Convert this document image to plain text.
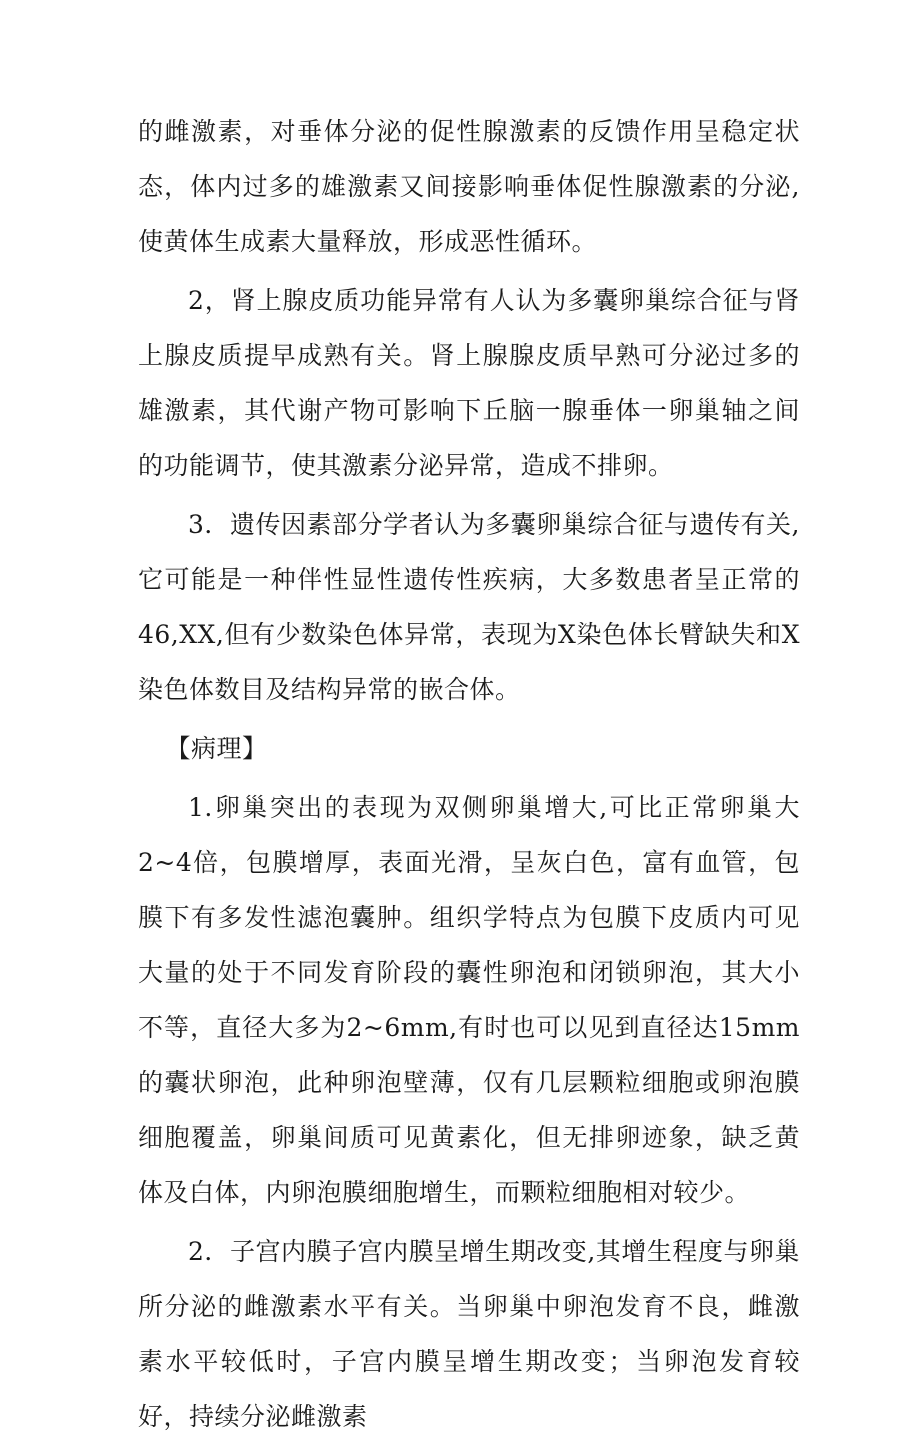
的雌激素，对垂体分泌的促性腺激素的反馈作用呈稳定状态，体内过多的雄激素又间接影响垂体促性腺激素的分泌,使黄体生成素大量释放，形成恶性循环。

2，肾上腺皮质功能异常有人认为多囊卵巢综合征与肾上腺皮质提早成熟有关。肾上腺腺皮质早熟可分泌过多的雄激素，其代谢产物可影响下丘脑一腺垂体一卵巢轴之间的功能调节，使其激素分泌异常，造成不排卵。

3．遗传因素部分学者认为多囊卵巢综合征与遗传有关,它可能是一种伴性显性遗传性疾病，大多数患者呈正常的46,XX,但有少数染色体异常，表现为X染色体长臂缺失和X染色体数目及结构异常的嵌合体。

【病理】

1.卵巢突出的表现为双侧卵巢增大,可比正常卵巢大2~4倍，包膜增厚，表面光滑，呈灰白色，富有血管，包膜下有多发性滤泡囊肿。组织学特点为包膜下皮质内可见大量的处于不同发育阶段的囊性卵泡和闭锁卵泡，其大小不等，直径大多为2~6mm,有时也可以见到直径达15mm的囊状卵泡，此种卵泡壁薄，仅有几层颗粒细胞或卵泡膜细胞覆盖，卵巢间质可见黄素化，但无排卵迹象，缺乏黄体及白体，内卵泡膜细胞增生，而颗粒细胞相对较少。

2．子宫内膜子宫内膜呈增生期改变,其增生程度与卵巢所分泌的雌激素水平有关。当卵巢中卵泡发育不良，雌激素水平较低时，子宫内膜呈增生期改变；当卵泡发育较好，持续分泌雌激素
